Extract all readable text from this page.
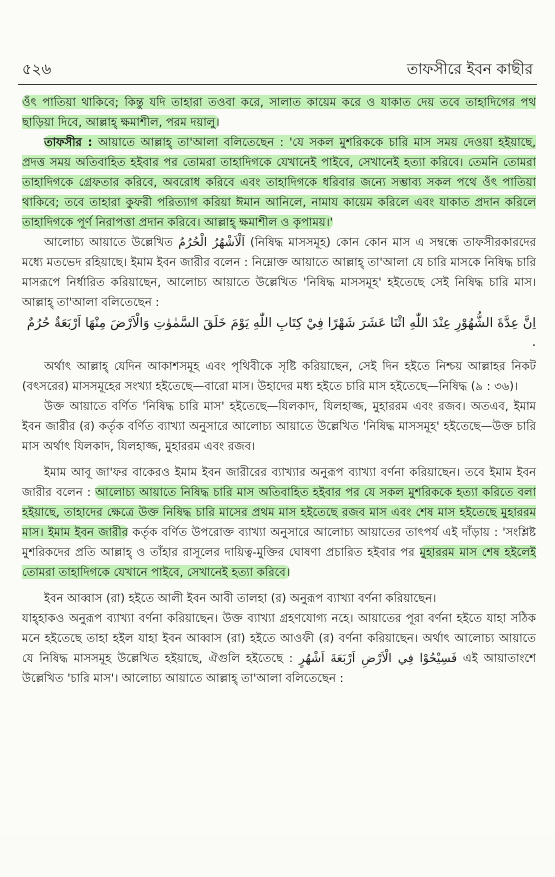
৫২৬	তাফসীরে ইবন কাছীর

ওঁৎ পাতিয়া থাকিবে; কিন্তু যদি তাহারা তওবা করে, সালাত কায়েম করে ও যাকাত দেয় তবে তাহাদিগের পথ ছাড়িয়া দিবে, আল্লাহ্ ক্ষমাশীল, পরম দয়ালু।

তাফসীর : আয়াতে আল্লাহ্ তা'আলা বলিতেছেন : 'যে সকল মুশরিককে চারি মাস সময় দেওয়া হইয়াছে, প্রদত্ত সময় অতিবাহিত হইবার পর তোমরা তাহাদিগকে যেখানেই পাইবে, সেখানেই হত্যা করিবে। তেমনি তোমরা তাহাদিগকে গ্রেফতার করিবে, অবরোধ করিবে এবং তাহাদিগকে ধরিবার জন্যে সম্ভাব্য সকল পথে ওঁৎ পাতিয়া থাকিবে; তবে তাহারা কুফরী পরিত্যাগ করিয়া ঈমান আনিলে, নামায কায়েম করিলে এবং যাকাত প্রদান করিলে তাহাদিগকে পূর্ণ নিরাপত্তা প্রদান করিবে। আল্লাহ্ ক্ষমাশীল ও কৃপাময়।'

আলোচ্য আয়াতে উল্লেখিত اَلْاَشْهُرُ الْحُرُمُ (নিষিদ্ধ মাসসমূহ) কোন কোন মাস এ সম্বন্ধে তাফসীরকারদের মধ্যে মতভেদ রহিয়াছে। ইমাম ইবন জারীর বলেন : নিম্নোক্ত আয়াতে আল্লাহ্ তা'আলা যে চারি মাসকে নিষিদ্ধ চারি মাসরূপে নির্ধারিত করিয়াছেন, আলোচ্য আয়াতে উল্লেখিত 'নিষিদ্ধ মাসসমূহ' হইতেছে সেই নিষিদ্ধ চারি মাস। আল্লাহ্ তা'আলা বলিতেছেন :

اِنَّ عِدَّةَ الشُّهُوْرِ عِنْدَ اللّٰهِ اثْنَا عَشَرَ شَهْرًا فِيْ كِتَابِ اللّٰهِ يَوْمَ خَلَقَ السَّمٰوٰتِ وَالْاَرْضَ مِنْهَا اَرْبَعَةٌ حُرُمٌ .

অর্থাৎ আল্লাহ্ যেদিন আকাশসমূহ এবং পৃথিবীকে সৃষ্টি করিয়াছেন, সেই দিন হইতে নিশ্চয় আল্লাহর নিকট (বৎসরের) মাসসমূহের সংখ্যা হইতেছে—বারো মাস। উহাদের মধ্য হইতে চারি মাস হইতেছে—নিষিদ্ধ (৯ : ৩৬)।

উক্ত আয়াতে বর্ণিত 'নিষিদ্ধ চারি মাস' হইতেছে—যিলকাদ, যিলহাজ্জ, মুহাররম এবং রজব। অতএব, ইমাম ইবন জারীর (র) কর্তৃক বর্ণিত ব্যাখ্যা অনুসারে আলোচ্য আয়াতে উল্লেখিত 'নিষিদ্ধ মাসসমূহ' হইতেছে—উক্ত চারি মাস অর্থাৎ যিলকাদ, যিলহাজ্জ, মুহাররম এবং রজব।

ইমাম আবূ জা'ফর বাকেরও ইমাম ইবন জারীরের ব্যাখ্যার অনুরূপ ব্যাখ্যা বর্ণনা করিয়াছেন। তবে ইমাম ইবন জারীর বলেন : আলোচ্য আয়াতে নিষিদ্ধ চারি মাস অতিবাহিত হইবার পর যে সকল মুশরিককে হত্যা করিতে বলা হইয়াছে, তাহাদের ক্ষেত্রে উক্ত নিষিদ্ধ চারি মাসের প্রথম মাস হইতেছে রজব মাস এবং শেষ মাস হইতেছে মুহাররম মাস। ইমাম ইবন জারীর কর্তৃক বর্ণিত উপরোক্ত ব্যাখ্যা অনুসারে আলোচ্য আয়াতের তাৎপর্য এই দাঁড়ায় : 'সংশ্লিষ্ট মুশরিকদের প্রতি আল্লাহ্ ও তাঁহার রাসূলের দায়িত্ব-মুক্তির ঘোষণা প্রচারিত হইবার পর মুহাররম মাস শেষ হইলেই তোমরা তাহাদিগকে যেখানে পাইবে, সেখানেই হত্যা করিবে।

ইবন আব্বাস (রা) হইতে আলী ইবন আবী তালহা (র) অনুরূপ ব্যাখ্যা বর্ণনা করিয়াছেন।

যাহ্হাকও অনুরূপ ব্যাখ্যা বর্ণনা করিয়াছেন। উক্ত ব্যাখ্যা গ্রহণযোগ্য নহে। আয়াতের পূরা বর্ণনা হইতে যাহা সঠিক মনে হইতেছে তাহা হইল যাহা ইবন আব্বাস (রা) হইতে আওফী (র) বর্ণনা করিয়াছেন। অর্থাৎ আলোচ্য আয়াতে যে নিষিদ্ধ মাসসমূহ উল্লেখিত হইয়াছে, ঐগুলি হইতেছে : فَسِيْحُوْا فِي الْاَرْضِ اَرْبَعَةَ اَشْهُرٍ এই আয়াতাংশে উল্লেখিত 'চারি মাস'। আলোচ্য আয়াতে আল্লাহ্ তা'আলা বলিতেছেন :
